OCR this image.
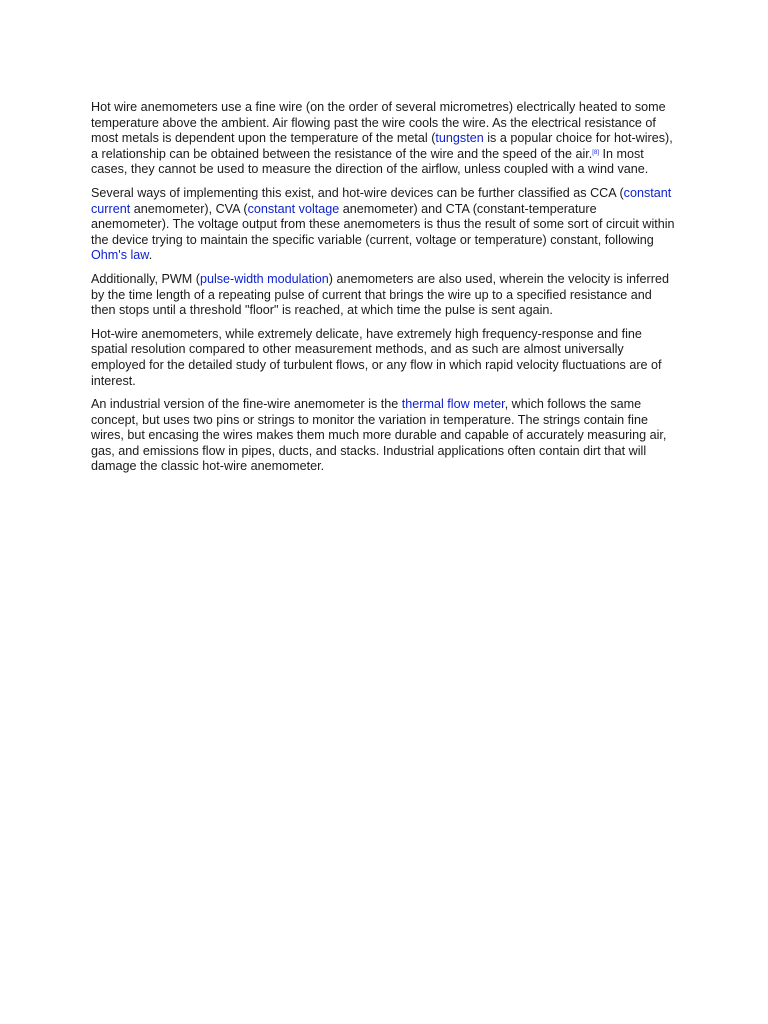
Hot wire anemometers use a fine wire (on the order of several micrometres) electrically heated to some temperature above the ambient. Air flowing past the wire cools the wire. As the electrical resistance of most metals is dependent upon the temperature of the metal (tungsten is a popular choice for hot-wires), a relationship can be obtained between the resistance of the wire and the speed of the air.[8] In most cases, they cannot be used to measure the direction of the airflow, unless coupled with a wind vane.

Several ways of implementing this exist, and hot-wire devices can be further classified as CCA (constant current anemometer), CVA (constant voltage anemometer) and CTA (constant-temperature anemometer). The voltage output from these anemometers is thus the result of some sort of circuit within the device trying to maintain the specific variable (current, voltage or temperature) constant, following Ohm's law.

Additionally, PWM (pulse-width modulation) anemometers are also used, wherein the velocity is inferred by the time length of a repeating pulse of current that brings the wire up to a specified resistance and then stops until a threshold "floor" is reached, at which time the pulse is sent again.

Hot-wire anemometers, while extremely delicate, have extremely high frequency-response and fine spatial resolution compared to other measurement methods, and as such are almost universally employed for the detailed study of turbulent flows, or any flow in which rapid velocity fluctuations are of interest.

An industrial version of the fine-wire anemometer is the thermal flow meter, which follows the same concept, but uses two pins or strings to monitor the variation in temperature. The strings contain fine wires, but encasing the wires makes them much more durable and capable of accurately measuring air, gas, and emissions flow in pipes, ducts, and stacks. Industrial applications often contain dirt that will damage the classic hot-wire anemometer.
